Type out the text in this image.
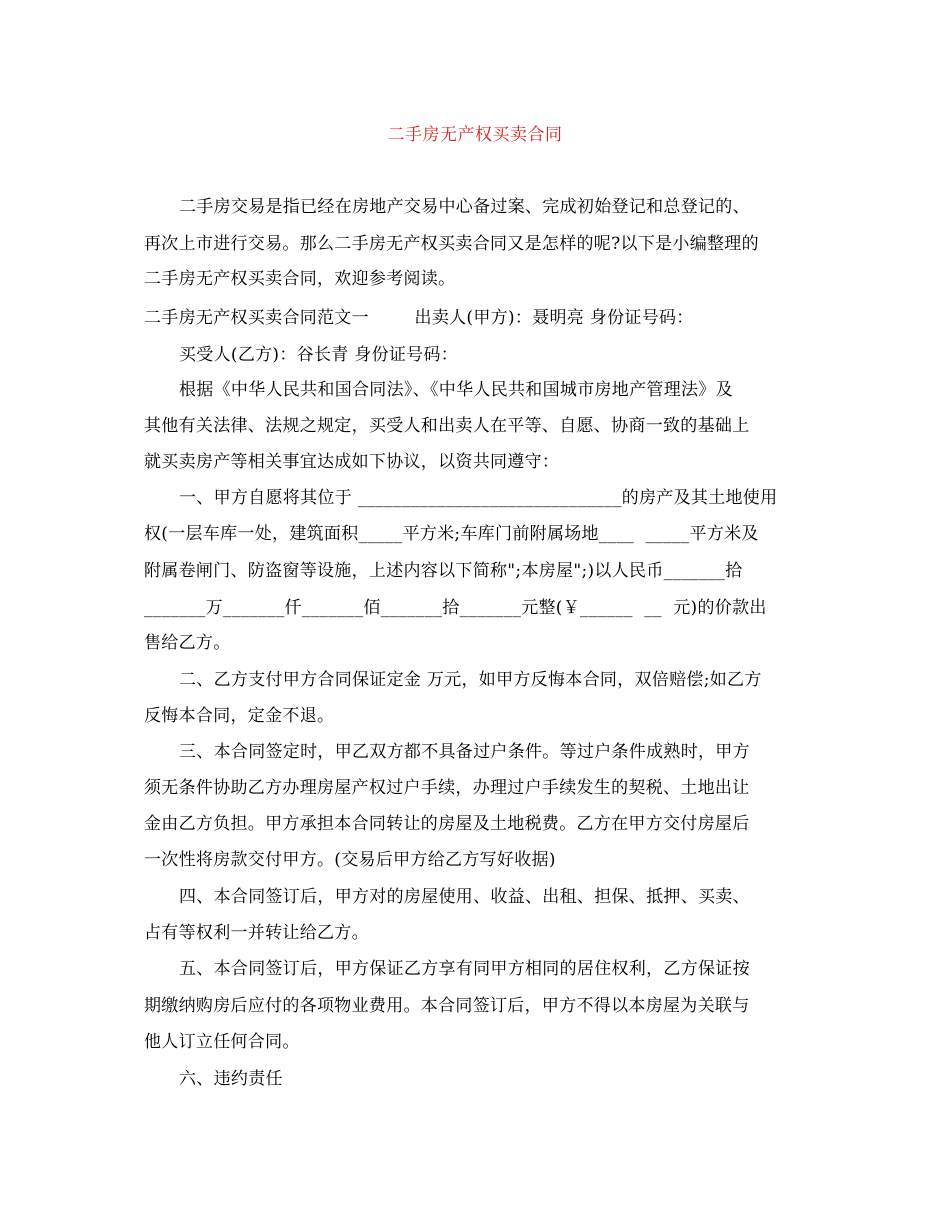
二手房无产权买卖合同
二手房交易是指已经在房地产交易中心备过案、完成初始登记和总登记的、
再次上市进行交易。那么二手房无产权买卖合同又是怎样的呢?以下是小编整理的
二手房无产权买卖合同，欢迎参考阅读。
二手房无产权买卖合同范文一        出卖人(甲方)：聂明亮 身份证号码：
买受人(乙方)：谷长青 身份证号码：
根据《中华人民共和国合同法》、《中华人民共和国城市房地产管理法》及
其他有关法律、法规之规定，买受人和出卖人在平等、自愿、协商一致的基础上
就买卖房产等相关事宜达成如下协议，以资共同遵守：
一、甲方自愿将其位于 ______________________________的房产及其土地使用
权(一层车库一处，建筑面积_____平方米;车库门前附属场地____  _____平方米及
附属卷闸门、防盗窗等设施，上述内容以下简称";本房屋";)以人民币_______拾
_______万_______仟_______佰_______拾_______元整(￥______  __  元)的价款出
售给乙方。
二、乙方支付甲方合同保证定金 万元，如甲方反悔本合同，双倍赔偿;如乙方
反悔本合同，定金不退。
三、本合同签定时，甲乙双方都不具备过户条件。等过户条件成熟时，甲方
须无条件协助乙方办理房屋产权过户手续，办理过户手续发生的契税、土地出让
金由乙方负担。甲方承担本合同转让的房屋及土地税费。乙方在甲方交付房屋后
一次性将房款交付甲方。(交易后甲方给乙方写好收据)
四、本合同签订后，甲方对的房屋使用、收益、出租、担保、抵押、买卖、
占有等权利一并转让给乙方。
五、本合同签订后，甲方保证乙方享有同甲方相同的居住权利，乙方保证按
期缴纳购房后应付的各项物业费用。本合同签订后，甲方不得以本房屋为关联与
他人订立任何合同。
六、违约责任
